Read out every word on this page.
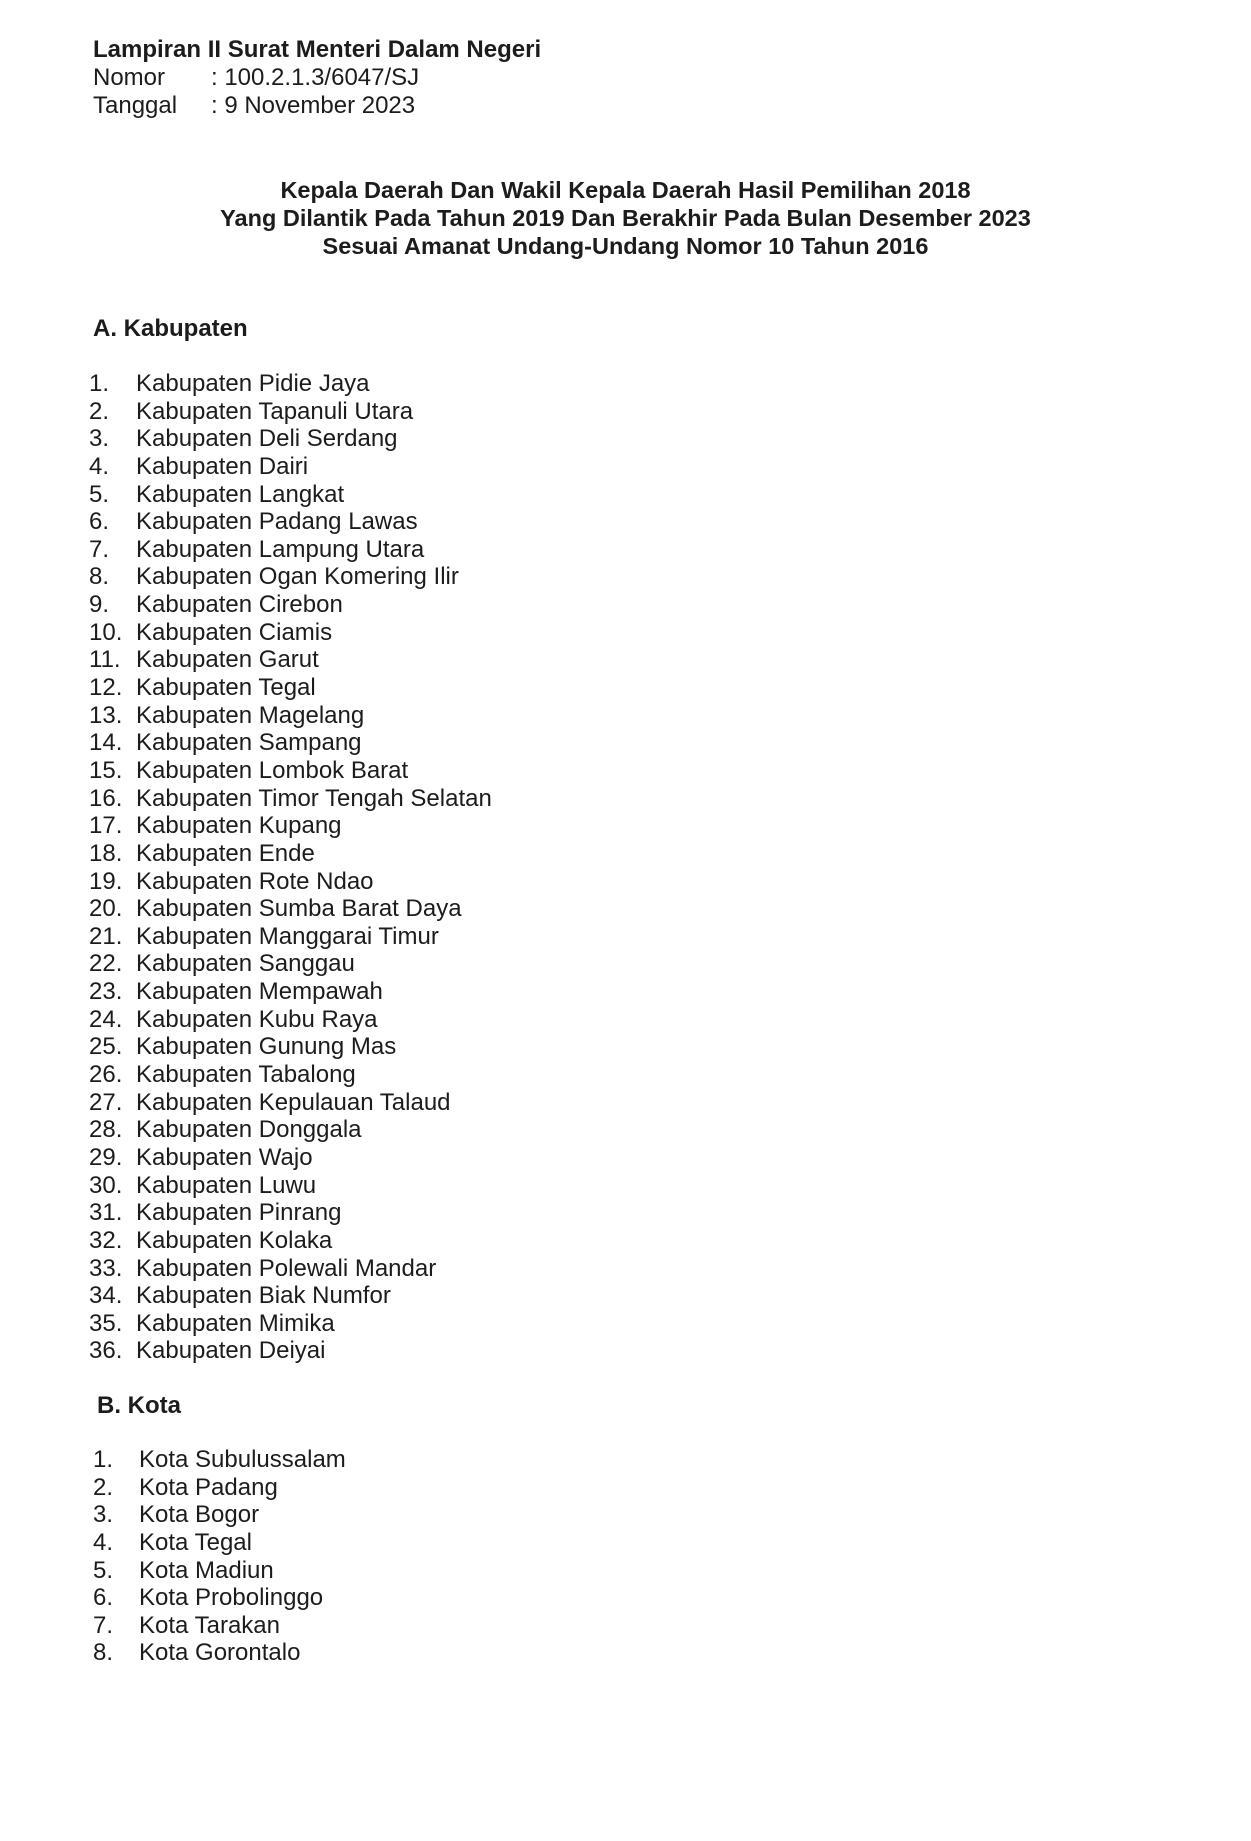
Lampiran II Surat Menteri Dalam Negeri
Nomor	: 100.2.1.3/6047/SJ
Tanggal	: 9 November 2023
Kepala Daerah Dan Wakil Kepala Daerah Hasil Pemilihan 2018
Yang Dilantik Pada Tahun 2019 Dan Berakhir Pada Bulan Desember 2023
Sesuai Amanat Undang-Undang Nomor 10 Tahun 2016
A. Kabupaten
1.	Kabupaten Pidie Jaya
2.	Kabupaten Tapanuli Utara
3.	Kabupaten Deli Serdang
4.	Kabupaten Dairi
5.	Kabupaten Langkat
6.	Kabupaten Padang Lawas
7.	Kabupaten Lampung Utara
8.	Kabupaten Ogan Komering Ilir
9.	Kabupaten Cirebon
10. Kabupaten Ciamis
11. Kabupaten Garut
12. Kabupaten Tegal
13. Kabupaten Magelang
14. Kabupaten Sampang
15. Kabupaten Lombok Barat
16. Kabupaten Timor Tengah Selatan
17. Kabupaten Kupang
18. Kabupaten Ende
19. Kabupaten Rote Ndao
20. Kabupaten Sumba Barat Daya
21. Kabupaten Manggarai Timur
22. Kabupaten Sanggau
23. Kabupaten Mempawah
24. Kabupaten Kubu Raya
25. Kabupaten Gunung Mas
26. Kabupaten Tabalong
27. Kabupaten Kepulauan Talaud
28. Kabupaten Donggala
29. Kabupaten Wajo
30. Kabupaten Luwu
31. Kabupaten Pinrang
32. Kabupaten Kolaka
33. Kabupaten Polewali Mandar
34. Kabupaten Biak Numfor
35. Kabupaten Mimika
36. Kabupaten Deiyai
B. Kota
1.	Kota Subulussalam
2.	Kota Padang
3.	Kota Bogor
4.	Kota Tegal
5.	Kota Madiun
6.	Kota Probolinggo
7.	Kota Tarakan
8.	Kota Gorontalo
